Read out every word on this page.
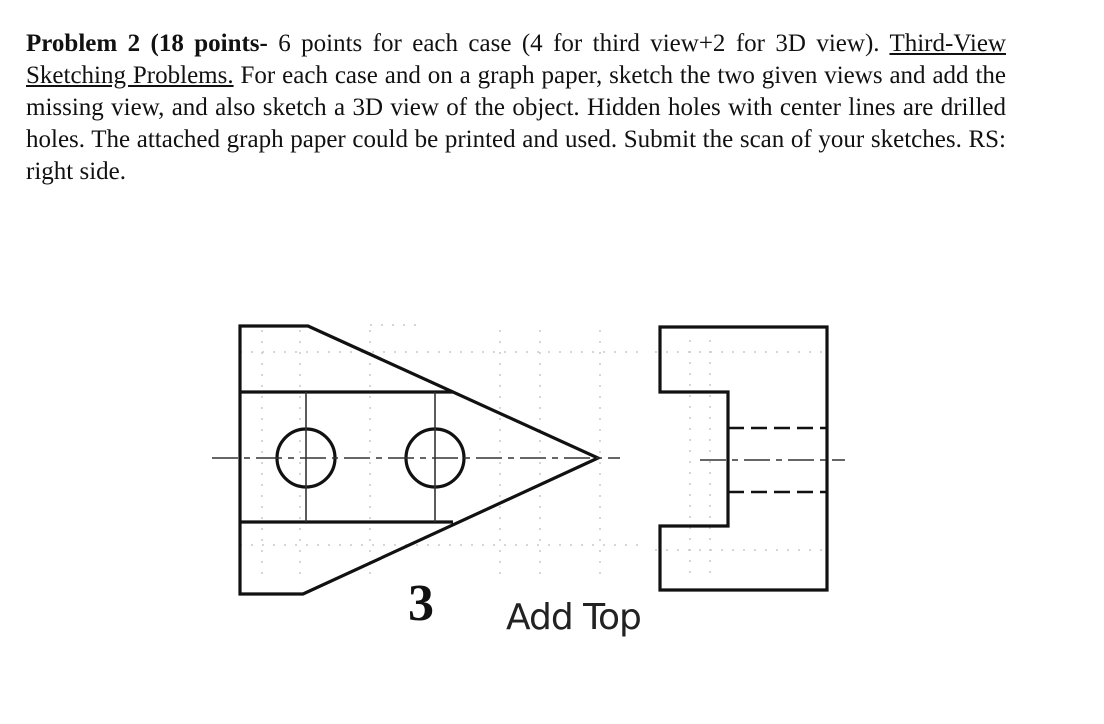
Problem 2 (18 points- 6 points for each case (4 for third view+2 for 3D view). Third-View Sketching Problems. For each case and on a graph paper, sketch the two given views and add the missing view, and also sketch a 3D view of the object. Hidden holes with center lines are drilled holes. The attached graph paper could be printed and used. Submit the scan of your sketches. RS: right side.
3 Add Top
